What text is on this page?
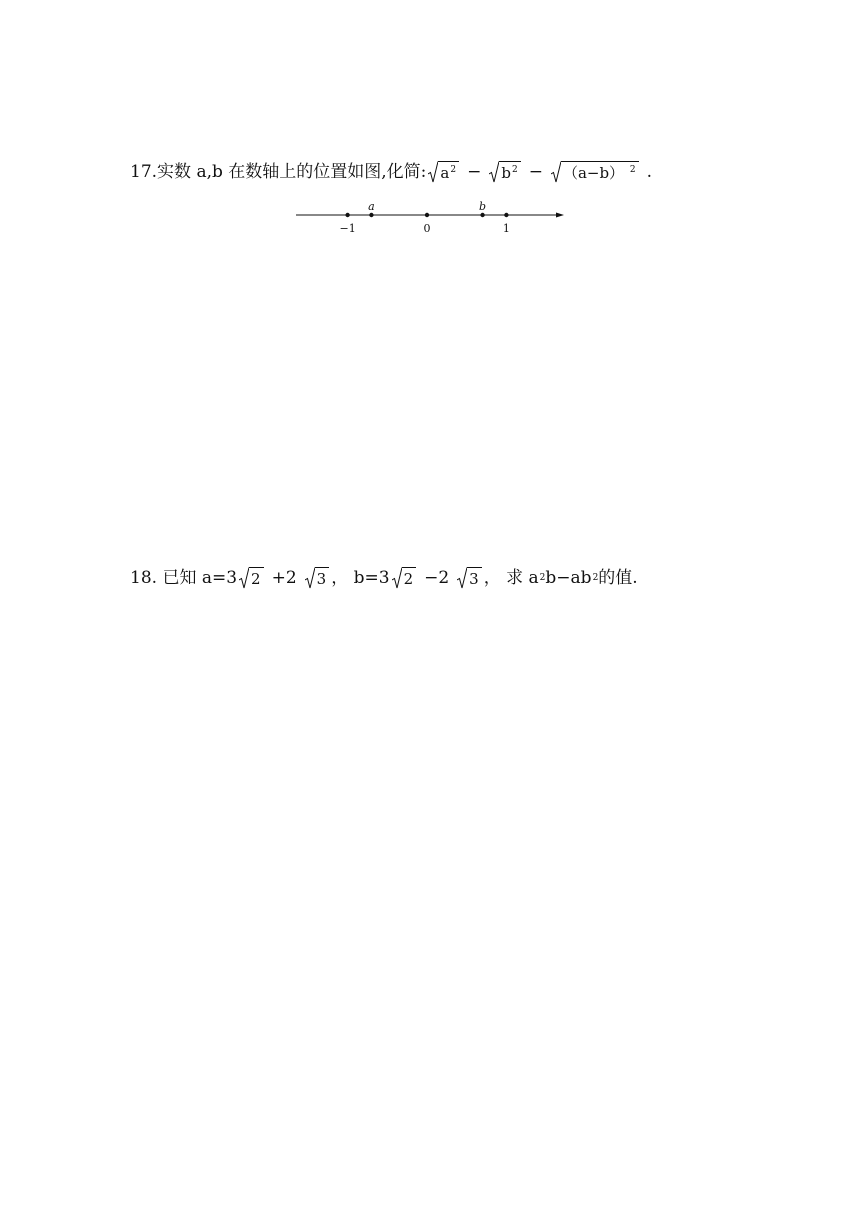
17.实数 a,b 在数轴上的位置如图,化简: $a^2 - b^2 - (a-b)$ $^2$ .
−1
a
0
b
1
18. 已知 a=3 2 +2 3 ， b=3 2 −2 3 ， 求 a 2 b−ab 2 的值.
